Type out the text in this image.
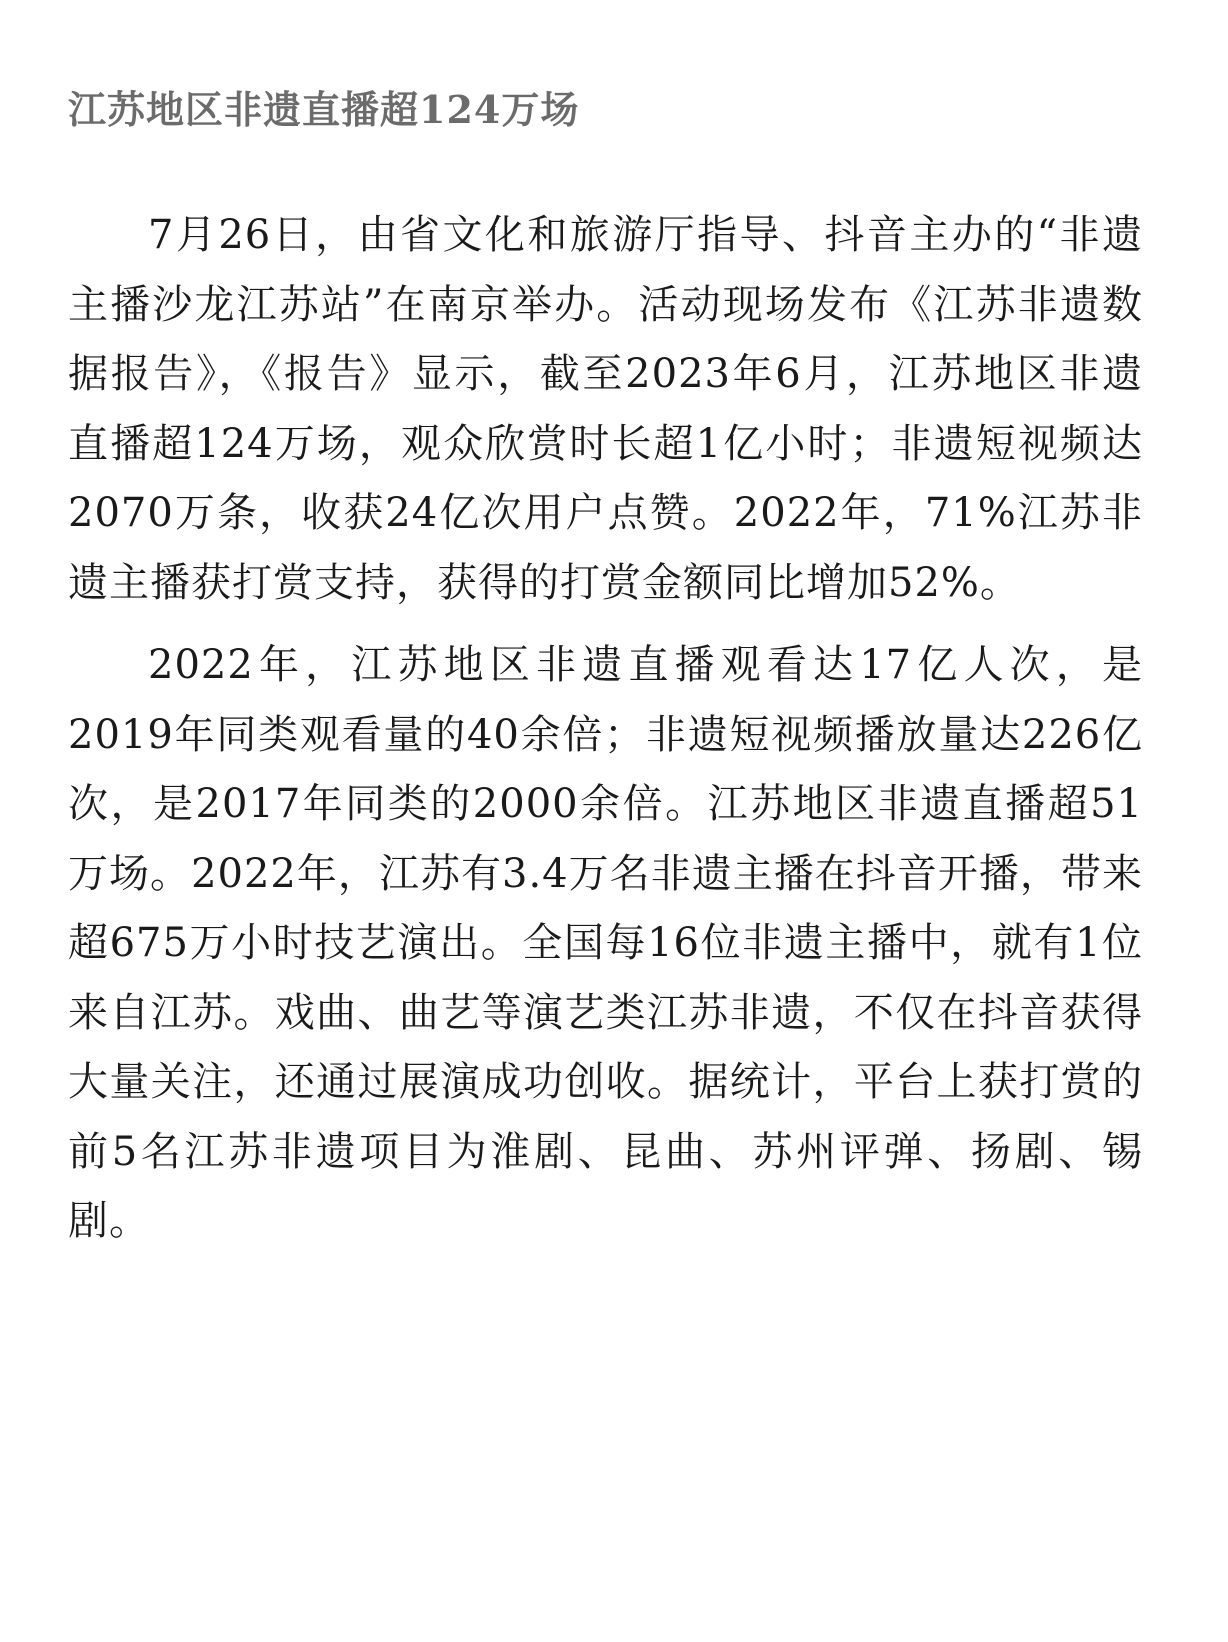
江苏地区非遗直播超124万场

7月26日，由省文化和旅游厅指导、抖音主办的“非遗主播沙龙江苏站”在南京举办。活动现场发布《江苏非遗数据报告》，《报告》显示，截至2023年6月，江苏地区非遗直播超124万场，观众欣赏时长超1亿小时；非遗短视频达2070万条，收获24亿次用户点赞。2022年，71%江苏非遗主播获打赏支持，获得的打赏金额同比增加52%。

2022年，江苏地区非遗直播观看达17亿人次，是2019年同类观看量的40余倍；非遗短视频播放量达226亿次，是2017年同类的2000余倍。江苏地区非遗直播超51万场。2022年，江苏有3.4万名非遗主播在抖音开播，带来超675万小时技艺演出。全国每16位非遗主播中，就有1位来自江苏。戏曲、曲艺等演艺类江苏非遗，不仅在抖音获得大量关注，还通过展演成功创收。据统计，平台上获打赏的前5名江苏非遗项目为淮剧、昆曲、苏州评弹、扬剧、锡剧。
